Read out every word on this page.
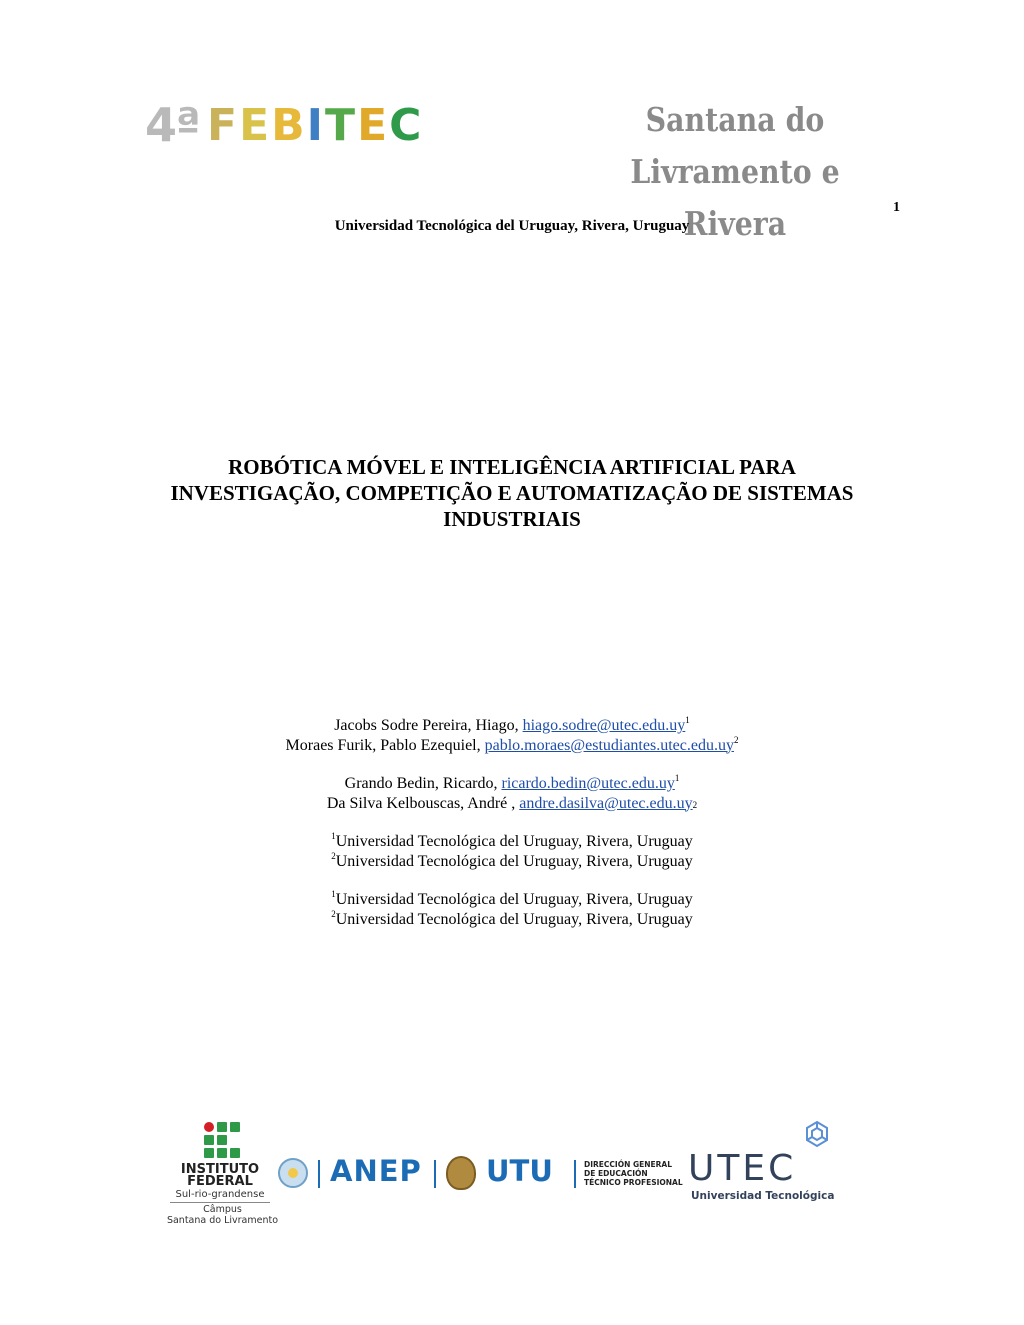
4ª F E B I T E C	Santana do Livramento e
Rivera	1
Universidad Tecnológica del Uruguay, Rivera, Uruguay
ROBÓTICA MÓVEL E INTELIGÊNCIA ARTIFICIAL PARA
INVESTIGAÇÃO, COMPETIÇÃO E AUTOMATIZAÇÃO DE SISTEMAS
INDUSTRIAIS
Jacobs Sodre Pereira, Hiago, $hiago.sodre@utec.edu.uy^1$
Moraes Furik, Pablo Ezequiel, $pablo.moraes@estudiantes.utec.edu.uy^2$
Grando Bedin, Ricardo, $ricardo.bedin@utec.edu.uy^1$
Da Silva Kelbouscas, André , andre.dasilva@utec.edu.uy2
$^1$Universidad Tecnológica del Uruguay, Rivera, Uruguay
$^2$Universidad Tecnológica del Uruguay, Rivera, Uruguay
$^1$Universidad Tecnológica del Uruguay, Rivera, Uruguay
$^2$Universidad Tecnológica del Uruguay, Rivera, Uruguay
INSTITUTO
FEDERAL
Sul-rio-grandense
Câmpus
Santana do Livramento
ANEP UTU	DIRECCIÓN GENERAL
DE EDUCACIÓN
TÉCNICO PROFESIONAL UTEC
Universidad Tecnológica
